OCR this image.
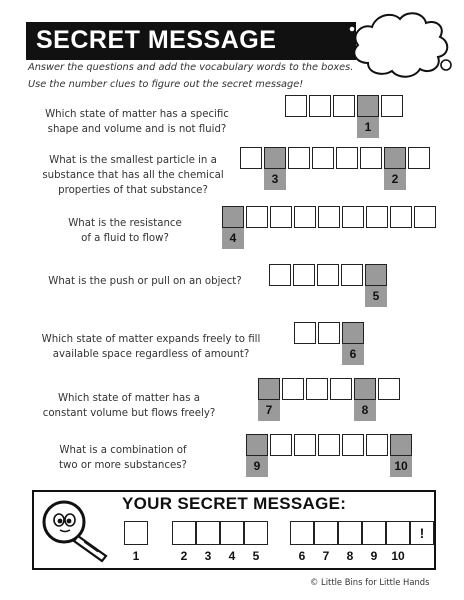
SECRET MESSAGE
Answer the questions and add the vocabulary words to the boxes.
Use the number clues to figure out the secret message!
Which state of matter has a specific
shape and volume and is not fluid?	1
What is the smallest particle in a
substance that has all the chemical
properties of that substance?
3	2
What is the resistance
of a fluid to flow?	4
What is the push or pull on an object?
5
Which state of matter expands freely to fill
available space regardless of amount?	6
Which state of matter has a
constant volume but flows freely?	7	8
What is a combination of
two or more substances?	9	10
YOUR SECRET MESSAGE:
!
1	2	3	4	5	6	7	8	9	10
© Little Bins for Little Hands
